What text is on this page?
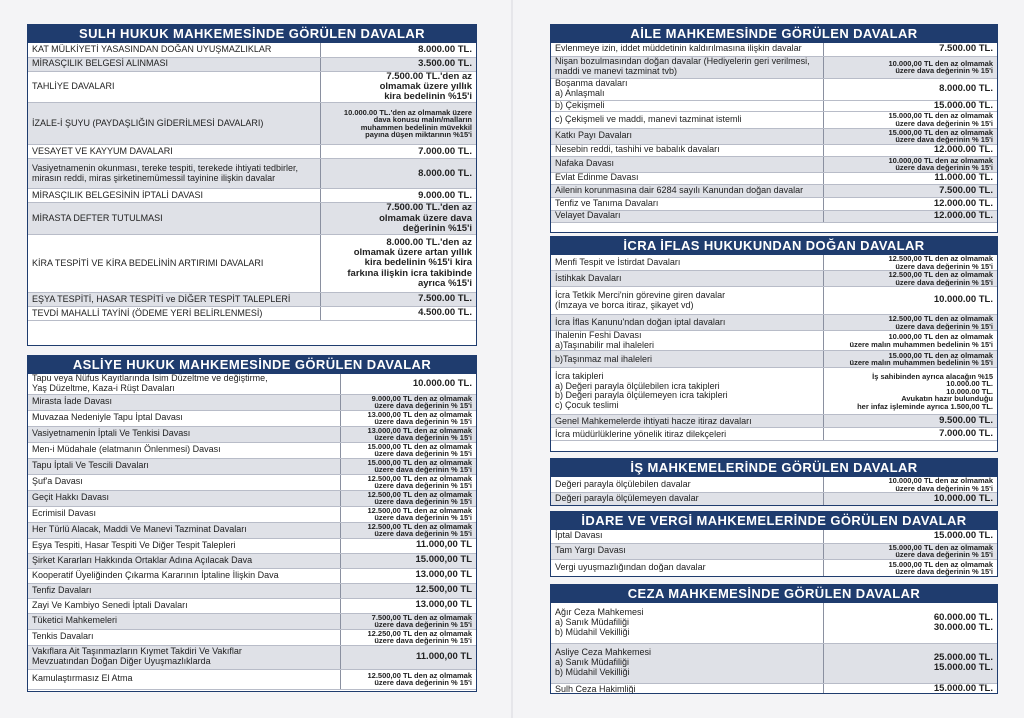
SULH HUKUK MAHKEMESİNDE GÖRÜLEN DAVALAR
KAT MÜLKİYETİ YASASINDAN DOĞAN UYUŞMAZLIKLAR	8.000.00 TL.
MİRASÇILIK BELGESİ ALINMASI	3.500.00 TL.
TAHLİYE DAVALARI	7.500.00 TL.'den az
olmamak üzere yıllık
kira bedelinin %15'i
İZALE-İ ŞUYU (PAYDAŞLIĞIN GİDERİLMESİ DAVALARI)	10.000.00 TL.'den az olmamak üzere
dava konusu malın/malların
muhammen bedelinin müvekkil
payına düşen miktarının %15'i
VESAYET VE KAYYUM DAVALARI	7.000.00 TL.
Vasiyetnamenin okunması, tereke tespiti, terekede ihtiyati tedbirler,
mirasın reddi, miras şirketinemümessil tayinine ilişkin davalar	8.000.00 TL.
MİRASÇILIK BELGESİNİN İPTALİ DAVASI	9.000.00 TL.
MİRASTA DEFTER TUTULMASI	7.500.00 TL.'den az
olmamak üzere dava
değerinin %15'i
KİRA TESPİTİ VE KİRA BEDELİNİN ARTIRIMI DAVALARI	8.000.00 TL.'den az
olmamak üzere artan yıllık
kira bedelinin %15'i kira
farkına ilişkin icra takibinde
ayrıca %15'i
EŞYA TESPİTİ, HASAR TESPİTİ ve DİĞER TESPİT TALEPLERİ	7.500.00 TL.
TEVDİ MAHALLİ TAYİNİ (ÖDEME YERİ BELİRLENMESİ)	4.500.00 TL.
ASLİYE HUKUK MAHKEMESİNDE GÖRÜLEN DAVALAR
Tapu veya Nüfus Kayıtlarında İsim Düzeltme ve değiştirme,
Yaş Düzeltme, Kaza-i Rüşt Davaları	10.000.00 TL.
Mirasta İade Davası	9.000,00 TL den az olmamak
üzere dava değerinin % 15'i
Muvazaa Nedeniyle Tapu İptal Davası	13.000,00 TL den az olmamak
üzere dava değerinin % 15'i
Vasiyetnamenin İptali Ve Tenkisi Davası	13.000,00 TL den az olmamak
üzere dava değerinin % 15'i
Men-i Müdahale (elatmanın Önlenmesi) Davası	15.000,00 TL den az olmamak
üzere dava değerinin % 15'i
Tapu İptali Ve Tescili Davaları	15.000,00 TL den az olmamak
üzere dava değerinin % 15'i
Şuf'a Davası	12.500,00 TL den az olmamak
üzere dava değerinin % 15'i
Geçit Hakkı Davası	12.500,00 TL den az olmamak
üzere dava değerinin % 15'i
Ecrimisil Davası	12.500,00 TL den az olmamak
üzere dava değerinin % 15'i
Her Türlü Alacak, Maddi Ve Manevi Tazminat Davaları	12.500,00 TL den az olmamak
üzere dava değerinin % 15'i
Eşya Tespiti, Hasar Tespiti Ve Diğer Tespit Talepleri	11.000,00 TL
Şirket Kararları Hakkında Ortaklar Adına Açılacak Dava	15.000,00 TL
Kooperatif Üyeliğinden Çıkarma Kararının İptaline İlişkin Dava	13.000,00 TL
Tenfiz Davaları	12.500,00 TL
Zayi Ve Kambiyo Senedi İptali Davaları	13.000,00 TL
Tüketici Mahkemeleri	7.500,00 TL den az olmamak
üzere dava değerinin % 15'i
Tenkis Davaları	12.250,00 TL den az olmamak
üzere dava değerinin % 15'i
Vakıflara Ait Taşınmazların Kıymet Takdiri Ve Vakıflar
Mevzuatından Doğan Diğer Uyuşmazlıklarda	11.000,00 TL
Kamulaştırmasız El Atma	12.500,00 TL den az olmamak
üzere dava değerinin % 15'i
AİLE MAHKEMESİNDE GÖRÜLEN DAVALAR
Evlenmeye izin, iddet müddetinin kaldırılmasına ilişkin davalar	7.500.00 TL.
Nişan bozulmasından doğan davalar (Hediyelerin geri verilmesi,
maddi ve manevi tazminat tvb)	10.000,00 TL den az olmamak
üzere dava değerinin % 15'i
Boşanma davaları
a) Anlaşmalı	8.000.00 TL.
b) Çekişmeli	15.000.00 TL.
c) Çekişmeli ve maddi, manevi tazminat istemli	15.000,00 TL den az olmamak
üzere dava değerinin % 15'i
Katkı Payı Davaları	15.000,00 TL den az olmamak
üzere dava değerinin % 15'i
Nesebin reddi, tashihi ve babalık davaları	12.000.00 TL.
Nafaka Davası	10.000,00 TL den az olmamak
üzere dava değerinin % 15'i
Evlat Edinme Davası	11.000.00 TL.
Ailenin korunmasına dair 6284 sayılı Kanundan doğan davalar	7.500.00 TL.
Tenfiz ve Tanıma Davaları	12.000.00 TL.
Velayet Davaları	12.000.00 TL.
İCRA İFLAS HUKUKUNDAN DOĞAN DAVALAR
Menfi Tespit ve İstirdat Davaları	12.500,00 TL den az olmamak
üzere dava değerinin % 15'i
İstihkak Davaları	12.500,00 TL den az olmamak
üzere dava değerinin % 15'i
İcra Tetkik Merci'nin görevine giren davalar
(İmzaya ve borca itiraz, şikayet vd)	10.000.00 TL.
İcra İflas Kanunu'ndan doğan iptal davaları	12.500,00 TL den az olmamak
üzere dava değerinin % 15'i
İhalenin Feshi Davası
a)Taşınabilir mal ihaleleri	10.000,00 TL den az olmamak
üzere malın muhammen bedelinin % 15'i
b)Taşınmaz mal ihaleleri	15.000,00 TL den az olmamak
üzere malın muhammen bedelinin % 15'i
İcra takipleri
a) Değeri parayla ölçülebilen icra takipleri
b) Değeri parayla ölçülemeyen icra takipleri
c) Çocuk teslimi	İş sahibinden ayrıca alacağın %15
10.000.00 TL.
10.000.00 TL.
Avukatın hazır bulunduğu
her infaz işleminde ayrıca 1.500,00 TL.
Genel Mahkemelerde ihtiyati hacze itiraz davaları	9.500.00 TL.
İcra müdürlüklerine yönelik itiraz dilekçeleri	7.000.00 TL.
İŞ MAHKEMELERİNDE GÖRÜLEN DAVALAR
Değeri parayla ölçülebilen davalar	10.000,00 TL den az olmamak
üzere dava değerinin % 15'i
Değeri parayla ölçülemeyen davalar	10.000.00 TL.
İDARE VE VERGİ MAHKEMELERİNDE GÖRÜLEN DAVALAR
İptal Davası	15.000.00 TL.
Tam Yargı Davası	15.000,00 TL den az olmamak
üzere dava değerinin % 15'i
Vergi uyuşmazlığından doğan davalar	15.000,00 TL den az olmamak
üzere dava değerinin % 15'i
CEZA MAHKEMESİNDE GÖRÜLEN DAVALAR
Ağır Ceza Mahkemesi
a) Sanık Müdafiliği
b) Müdahil Vekilliği	60.000.00 TL.
30.000.00 TL.
Asliye Ceza Mahkemesi
a) Sanık Müdafiliği
b) Müdahil Vekilliği	25.000.00 TL.
15.000.00 TL.
Sulh Ceza Hakimliği	15.000.00 TL.
